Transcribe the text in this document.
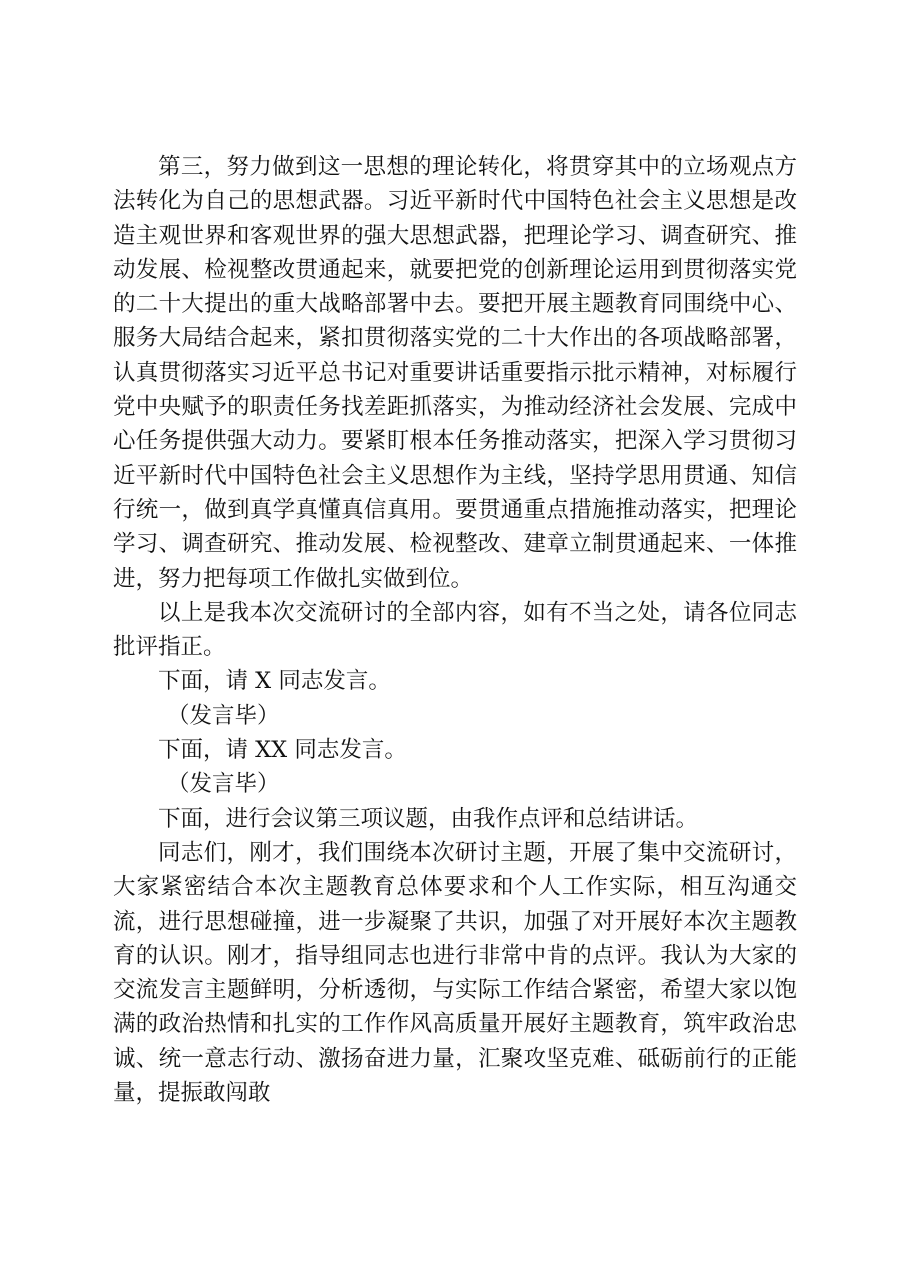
第三，努力做到这一思想的理论转化，将贯穿其中的立场观点方法转化为自己的思想武器。习近平新时代中国特色社会主义思想是改造主观世界和客观世界的强大思想武器，把理论学习、调查研究、推动发展、检视整改贯通起来，就要把党的创新理论运用到贯彻落实党的二十大提出的重大战略部署中去。要把开展主题教育同围绕中心、服务大局结合起来，紧扣贯彻落实党的二十大作出的各项战略部署，认真贯彻落实习近平总书记对重要讲话重要指示批示精神，对标履行党中央赋予的职责任务找差距抓落实，为推动经济社会发展、完成中心任务提供强大动力。要紧盯根本任务推动落实，把深入学习贯彻习近平新时代中国特色社会主义思想作为主线，坚持学思用贯通、知信行统一，做到真学真懂真信真用。要贯通重点措施推动落实，把理论学习、调查研究、推动发展、检视整改、建章立制贯通起来、一体推进，努力把每项工作做扎实做到位。

以上是我本次交流研讨的全部内容，如有不当之处，请各位同志批评指正。

下面，请 X 同志发言。

（发言毕）

下面，请 XX 同志发言。

（发言毕）

下面，进行会议第三项议题，由我作点评和总结讲话。

同志们，刚才，我们围绕本次研讨主题，开展了集中交流研讨，大家紧密结合本次主题教育总体要求和个人工作实际，相互沟通交流，进行思想碰撞，进一步凝聚了共识，加强了对开展好本次主题教育的认识。刚才，指导组同志也进行非常中肯的点评。我认为大家的交流发言主题鲜明，分析透彻，与实际工作结合紧密，希望大家以饱满的政治热情和扎实的工作作风高质量开展好主题教育，筑牢政治忠诚、统一意志行动、激扬奋进力量，汇聚攻坚克难、砥砺前行的正能量，提振敢闯敢
